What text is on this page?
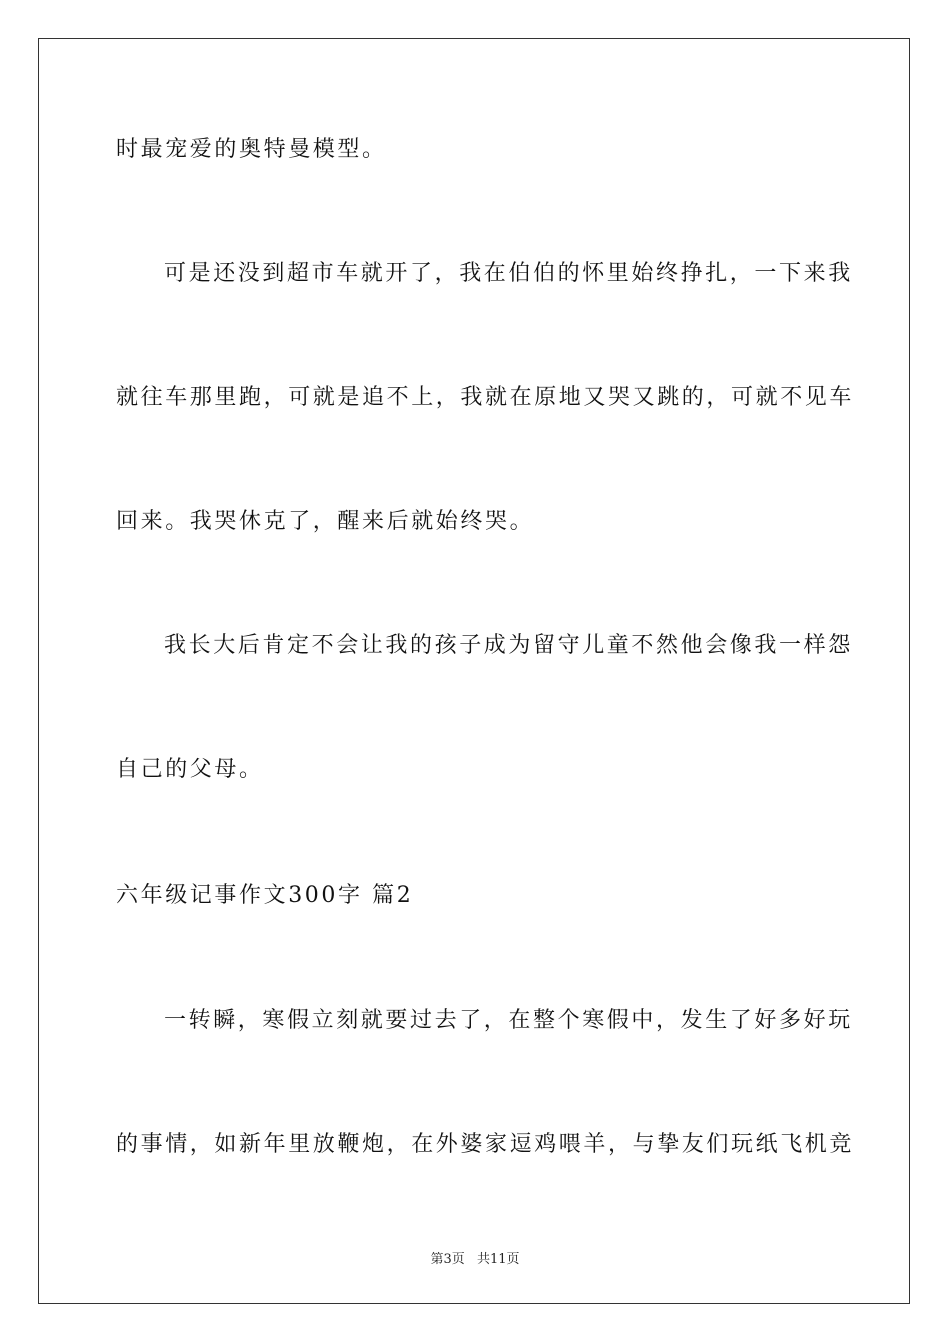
时最宠爱的奥特曼模型。
可是还没到超市车就开了，我在伯伯的怀里始终挣扎，一下来我
就往车那里跑，可就是追不上，我就在原地又哭又跳的，可就不见车
回来。我哭休克了，醒来后就始终哭。
我长大后肯定不会让我的孩子成为留守儿童不然他会像我一样怨
自己的父母。
六年级记事作文300字 篇2
一转瞬，寒假立刻就要过去了，在整个寒假中，发生了好多好玩
的事情，如新年里放鞭炮，在外婆家逗鸡喂羊，与挚友们玩纸飞机竞
第3页 共11页
